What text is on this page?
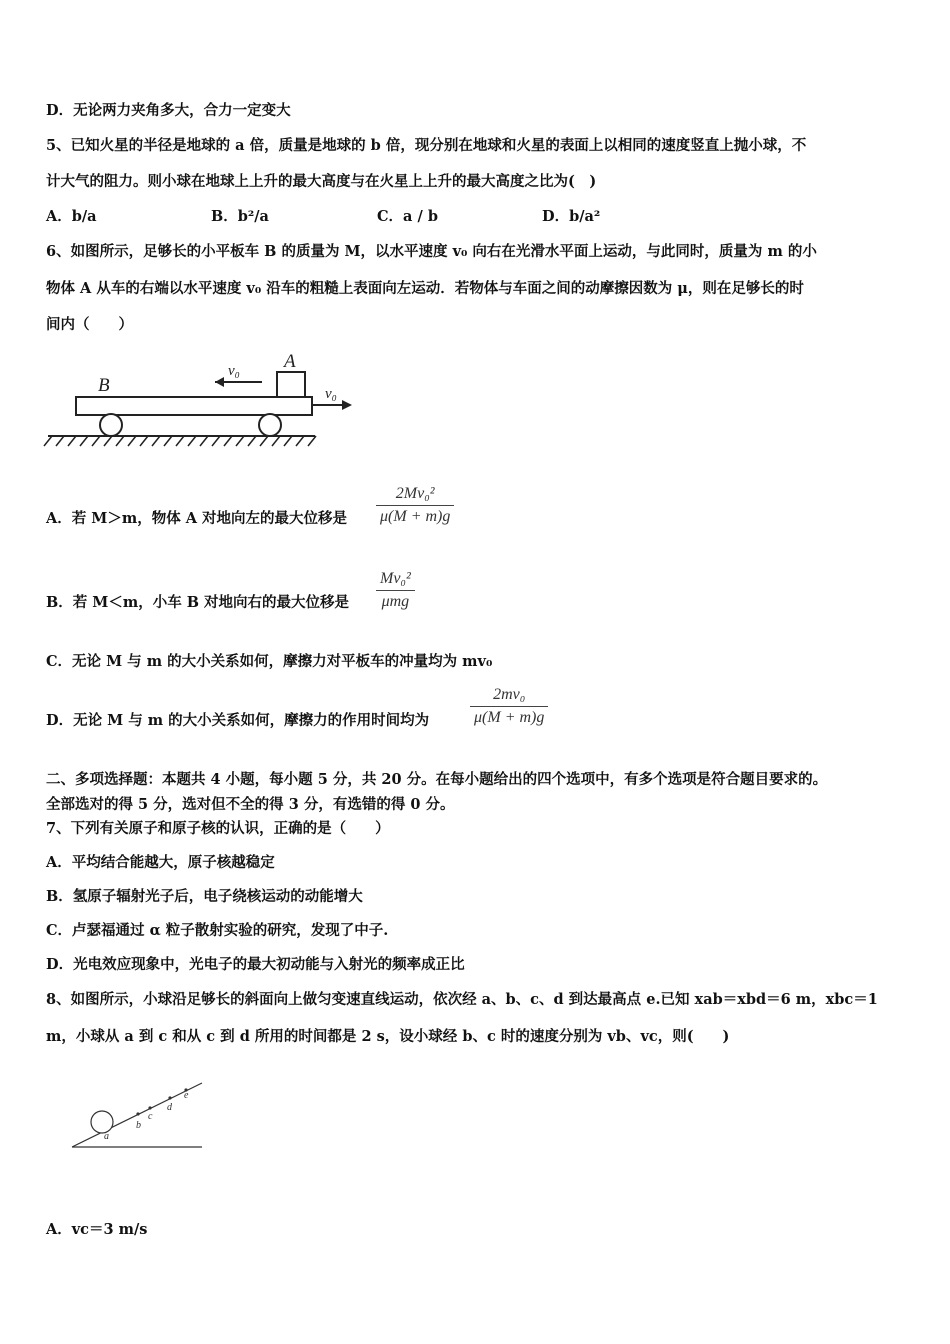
D．无论两力夹角多大，合力一定变大
5、已知火星的半径是地球的 a 倍，质量是地球的 b 倍，现分别在地球和火星的表面上以相同的速度竖直上抛小球，不
计大气的阻力。则小球在地球上上升的最大高度与在火星上上升的最大高度之比为(　)
A．b/a	B．b²/a	C．a / b	D．b/a²
6、如图所示，足够长的小平板车 B 的质量为 M，以水平速度 v₀ 向右在光滑水平面上运动，与此同时，质量为 m 的小
物体 A 从车的右端以水平速度 v₀ 沿车的粗糙上表面向左运动．若物体与车面之间的动摩擦因数为 μ，则在足够长的时
间内（　　）
B
A
v₀
v₀
A．若 M＞m，物体 A 对地向左的最大位移是
2Mv₀²
μ(M + m)g
B．若 M＜m，小车 B 对地向右的最大位移是
Mv₀²
μmg
C．无论 M 与 m 的大小关系如何，摩擦力对平板车的冲量均为 mv₀
D．无论 M 与 m 的大小关系如何，摩擦力的作用时间均为
2mv₀
μ(M + m)g
二、多项选择题：本题共 4 小题，每小题 5 分，共 20 分。在每小题给出的四个选项中，有多个选项是符合题目要求的。
全部选对的得 5 分，选对但不全的得 3 分，有选错的得 0 分。
7、下列有关原子和原子核的认识，正确的是（　　）
A．平均结合能越大，原子核越稳定
B．氢原子辐射光子后，电子绕核运动的动能增大
C．卢瑟福通过 α 粒子散射实验的研究，发现了中子.
D．光电效应现象中，光电子的最大初动能与入射光的频率成正比
8、如图所示，小球沿足够长的斜面向上做匀变速直线运动，依次经 a、b、c、d 到达最高点 e.已知 xab＝xbd＝6 m，xbc＝1
m，小球从 a 到 c 和从 c 到 d 所用的时间都是 2 s，设小球经 b、c 时的速度分别为 vb、vc，则(　　)
a
b
c
d
e
A．vc＝3 m/s
